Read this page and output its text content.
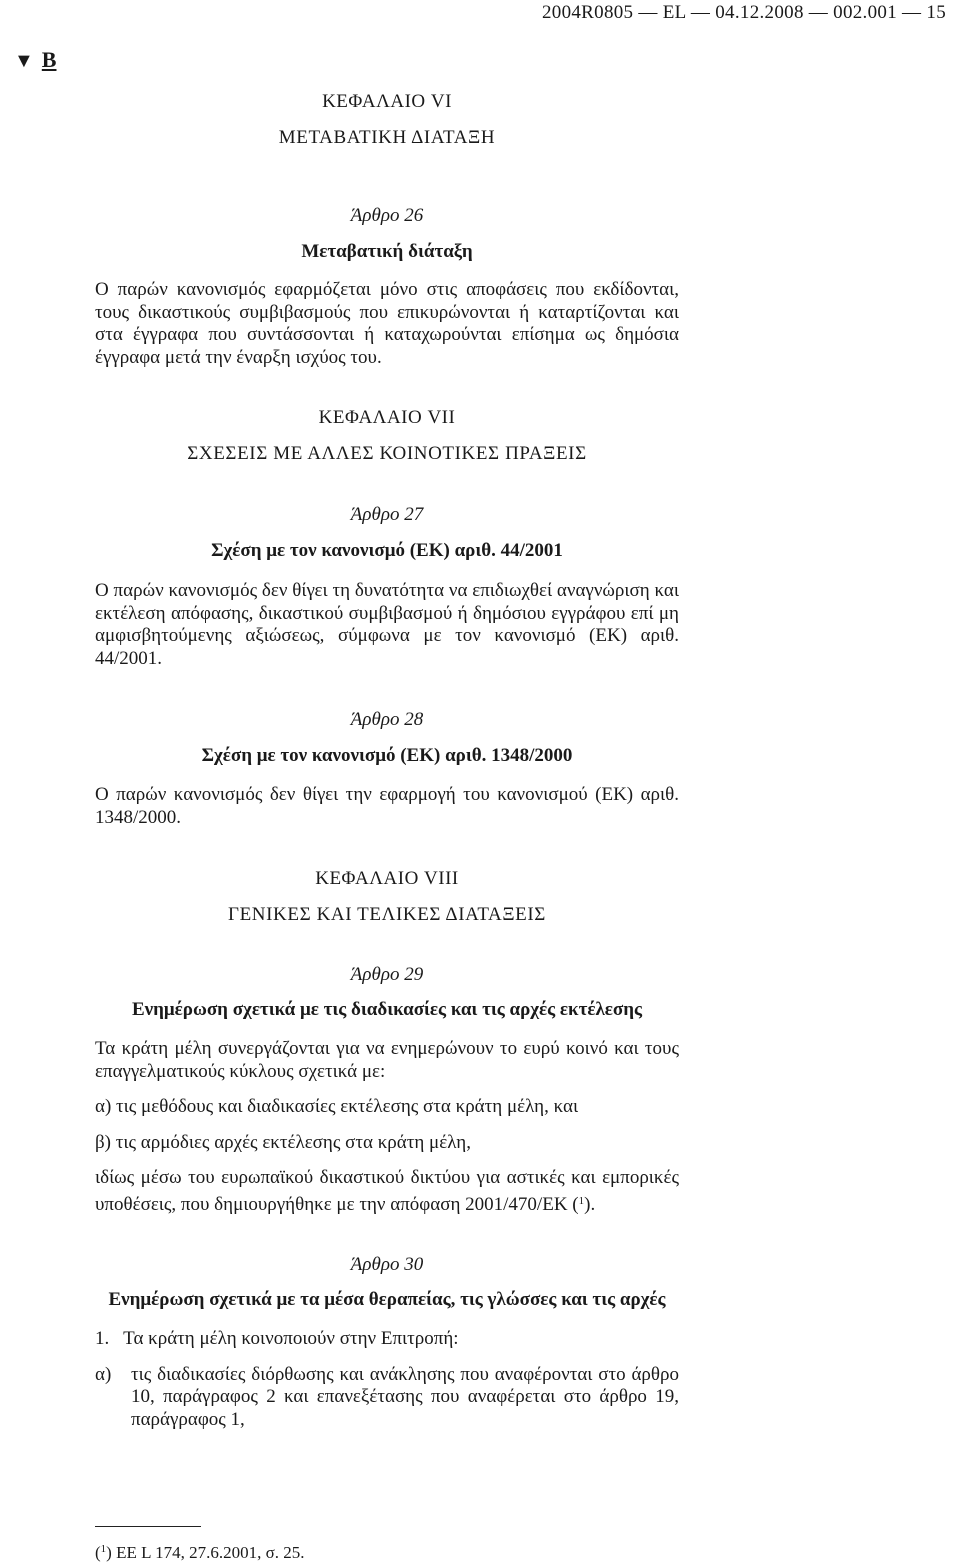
2004R0805 — EL — 04.12.2008 — 002.001 — 15
▼ B
ΚΕΦΑΛΑΙΟ VI
ΜΕΤΑΒΑΤΙΚΗ ΔΙΑΤΑΞΗ
Άρθρο 26
Μεταβατική διάταξη
Ο παρών κανονισμός εφαρμόζεται μόνο στις αποφάσεις που εκδίδονται, τους δικαστικούς συμβιβασμούς που επικυρώνονται ή καταρτίζονται και στα έγγραφα που συντάσσονται ή καταχωρούνται επίσημα ως δημόσια έγγραφα μετά την έναρξη ισχύος του.
ΚΕΦΑΛΑΙΟ VII
ΣΧΕΣΕΙΣ ΜΕ ΑΛΛΕΣ ΚΟΙΝΟΤΙΚΕΣ ΠΡΑΞΕΙΣ
Άρθρο 27
Σχέση με τον κανονισμό (ΕΚ) αριθ. 44/2001
Ο παρών κανονισμός δεν θίγει τη δυνατότητα να επιδιωχθεί αναγνώριση και εκτέλεση απόφασης, δικαστικού συμβιβασμού ή δημόσιου εγγράφου επί μη αμφισβητούμενης αξιώσεως, σύμφωνα με τον κανονισμό (ΕΚ) αριθ. 44/2001.
Άρθρο 28
Σχέση με τον κανονισμό (ΕΚ) αριθ. 1348/2000
Ο παρών κανονισμός δεν θίγει την εφαρμογή του κανονισμού (ΕΚ) αριθ. 1348/2000.
ΚΕΦΑΛΑΙΟ VIII
ΓΕΝΙΚΕΣ ΚΑΙ ΤΕΛΙΚΕΣ ΔΙΑΤΑΞΕΙΣ
Άρθρο 29
Ενημέρωση σχετικά με τις διαδικασίες και τις αρχές εκτέλεσης
Τα κράτη μέλη συνεργάζονται για να ενημερώνουν το ευρύ κοινό και τους επαγγελματικούς κύκλους σχετικά με:
α) τις μεθόδους και διαδικασίες εκτέλεσης στα κράτη μέλη, και
β) τις αρμόδιες αρχές εκτέλεσης στα κράτη μέλη,
ιδίως μέσω του ευρωπαϊκού δικαστικού δικτύου για αστικές και εμπορικές υποθέσεις, που δημιουργήθηκε με την απόφαση 2001/470/ΕΚ ($^1$).
Άρθρο 30
Ενημέρωση σχετικά με τα μέσα θεραπείας, τις γλώσσες και τις αρχές
1.   Τα κράτη μέλη κοινοποιούν στην Επιτροπή:
α)	τις διαδικασίες διόρθωσης και ανάκλησης που αναφέρονται στο άρθρο 10, παράγραφος 2 και επανεξέτασης που αναφέρεται στο άρθρο 19, παράγραφος 1,
($^1$) ΕΕ L 174, 27.6.2001, σ. 25.
